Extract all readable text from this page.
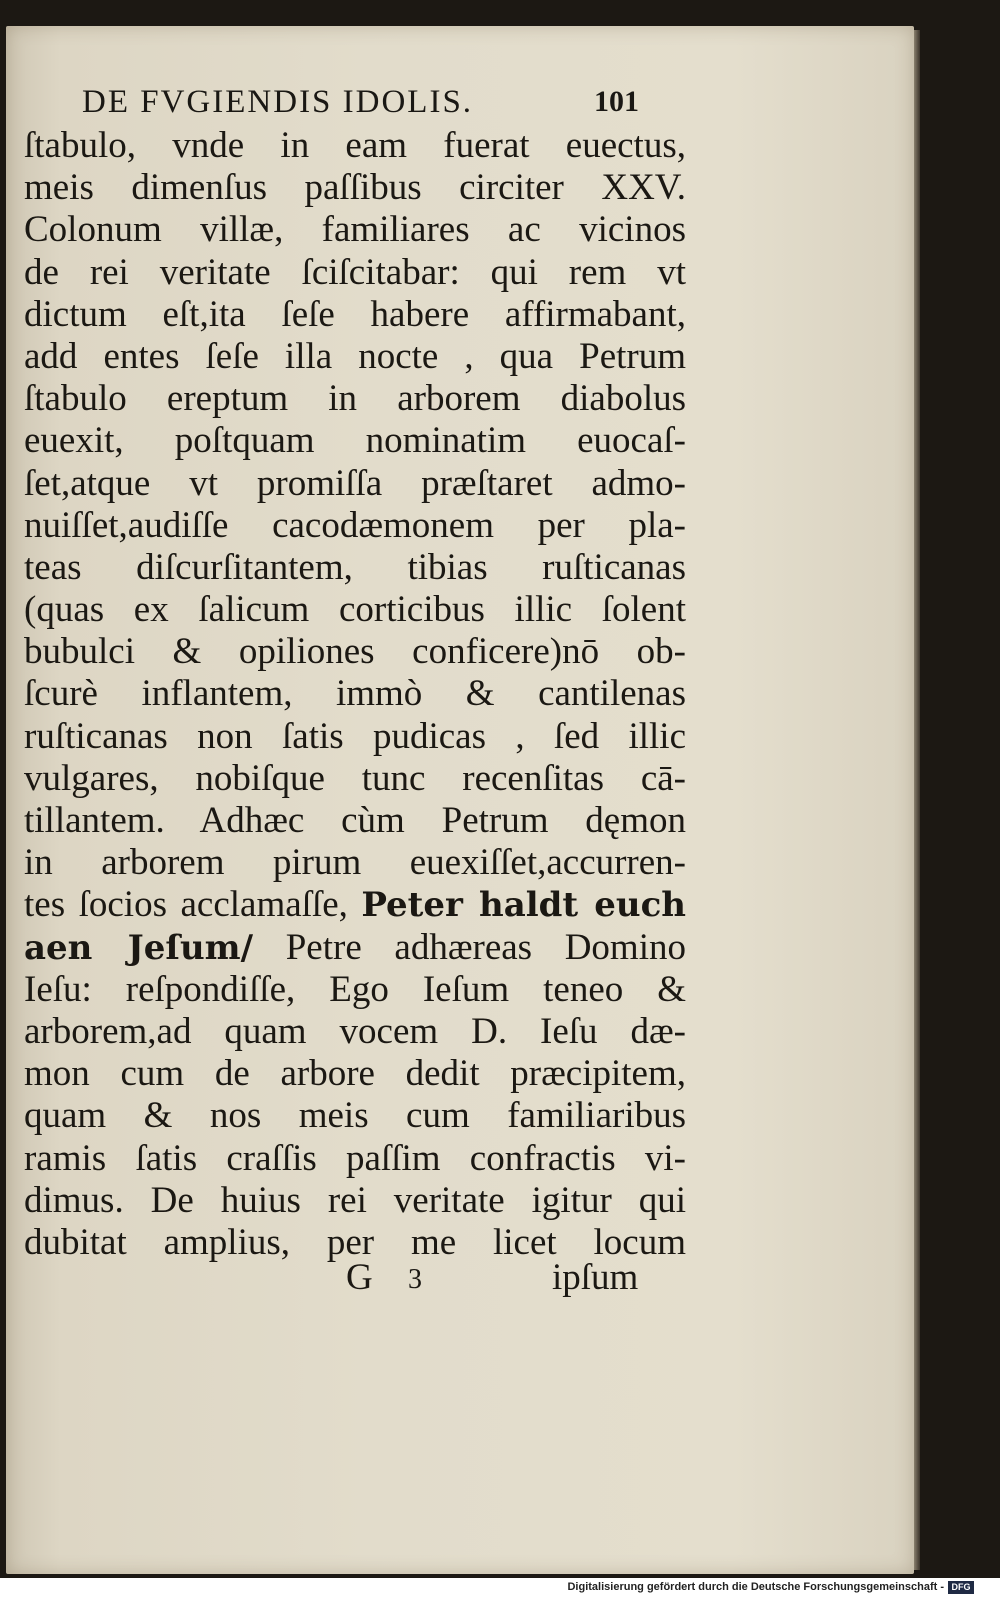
DE FVGIENDIS IDOLIS.	101
ſtabulo, vnde in eam fuerat euectus,
meis dimenſus paſſibus circiter XXV.
Colonum villæ, familiares ac vicinos
de rei veritate ſciſcitabar: qui rem vt
dictum eſt,ita ſeſe habere affirmabant,
add entes ſeſe illa nocte , qua Petrum
ſtabulo ereptum in arborem diabolus
euexit, poſtquam nominatim euocaſ-
ſet,atque vt promiſſa præſtaret admo-
nuiſſet,audiſſe cacodæmonem per pla-
teas diſcurſitantem, tibias ruſticanas
(quas ex ſalicum corticibus illic ſolent
bubulci & opiliones conficere)nō ob-
ſcurè inflantem, immò & cantilenas
ruſticanas non ſatis pudicas , ſed illic
vulgares, nobiſque tunc recenſitas cā-
tillantem. Adhæc cùm Petrum dęmon
in arborem pirum euexiſſet,accurren-
tes ſocios acclamaſſe, Peter haldt euch
aen Jeſum/ Petre adhæreas Domino
Ieſu: reſpondiſſe, Ego Ieſum teneo &
arborem,ad quam vocem D. Ieſu dæ-
mon cum de arbore dedit præcipitem,
quam & nos meis cum familiaribus
ramis ſatis craſſis paſſim confractis vi-
dimus. De huius rei veritate igitur qui
dubitat amplius, per me licet locum
G 3	ipſum
Digitalisierung gefördert durch die Deutsche Forschungsgemeinschaft - DFG
